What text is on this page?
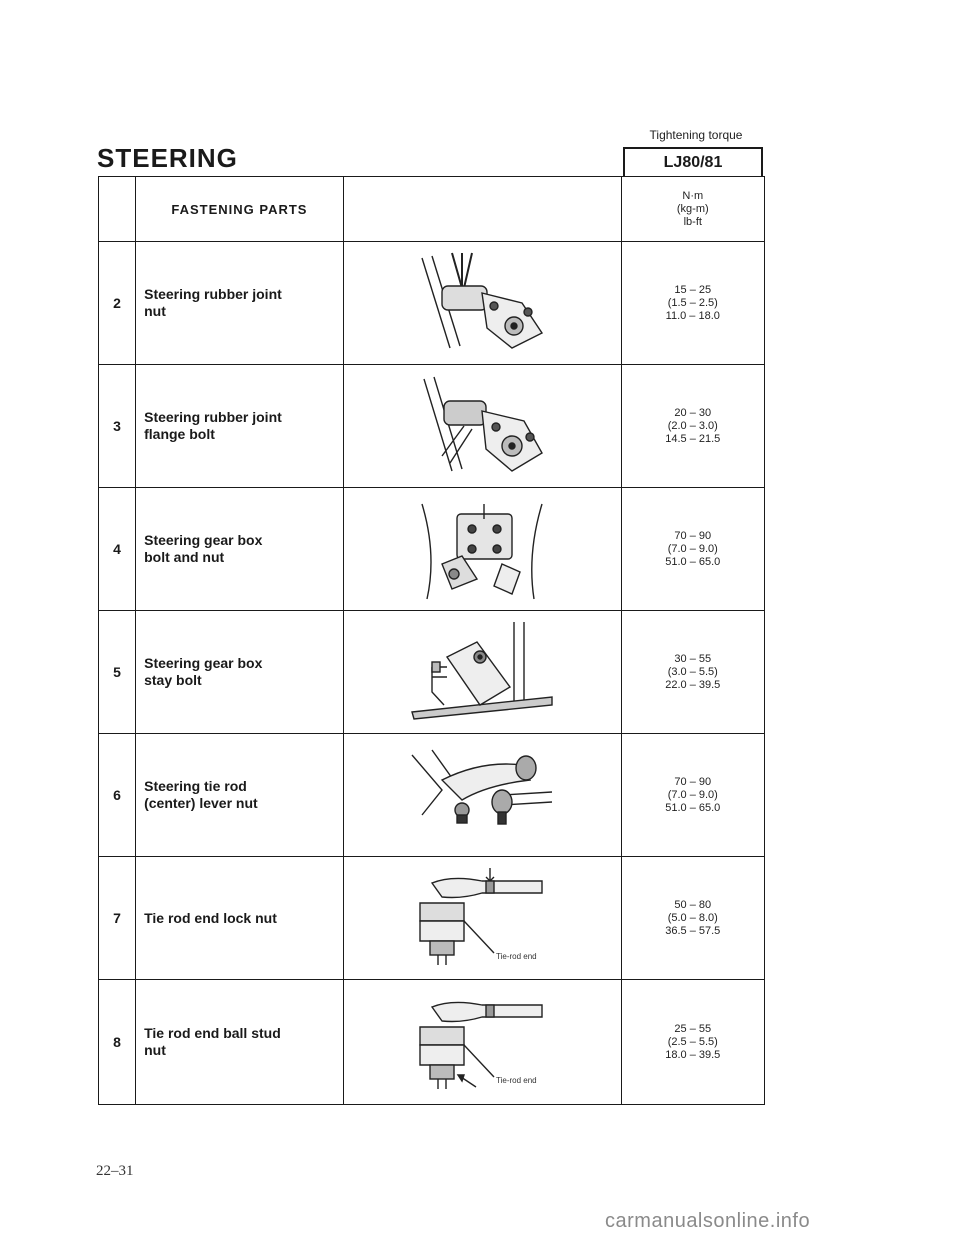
Tightening torque
STEERING	LJ80/81
	FASTENING PARTS		N·m
(kg-m)
lb-ft

2	Steering rubber joint
nut		15 – 25
(1.5 – 2.5)
11.0 – 18.0

3	Steering rubber joint
flange bolt		20 – 30
(2.0 – 3.0)
14.5 – 21.5

4	Steering gear box
bolt and nut		70 – 90
(7.0 – 9.0)
51.0 – 65.0

5	Steering gear box
stay bolt		30 – 55
(3.0 – 5.5)
22.0 – 39.5

6	Steering tie rod
(center) lever nut		70 – 90
(7.0 – 9.0)
51.0 – 65.0

7	Tie rod end lock nut	Tie-rod end	50 – 80
(5.0 – 8.0)
36.5 – 57.5

8	Tie rod end ball stud
nut	Tie-rod end	25 – 55
(2.5 – 5.5)
18.0 – 39.5
22–31
carmanualsonline.info
